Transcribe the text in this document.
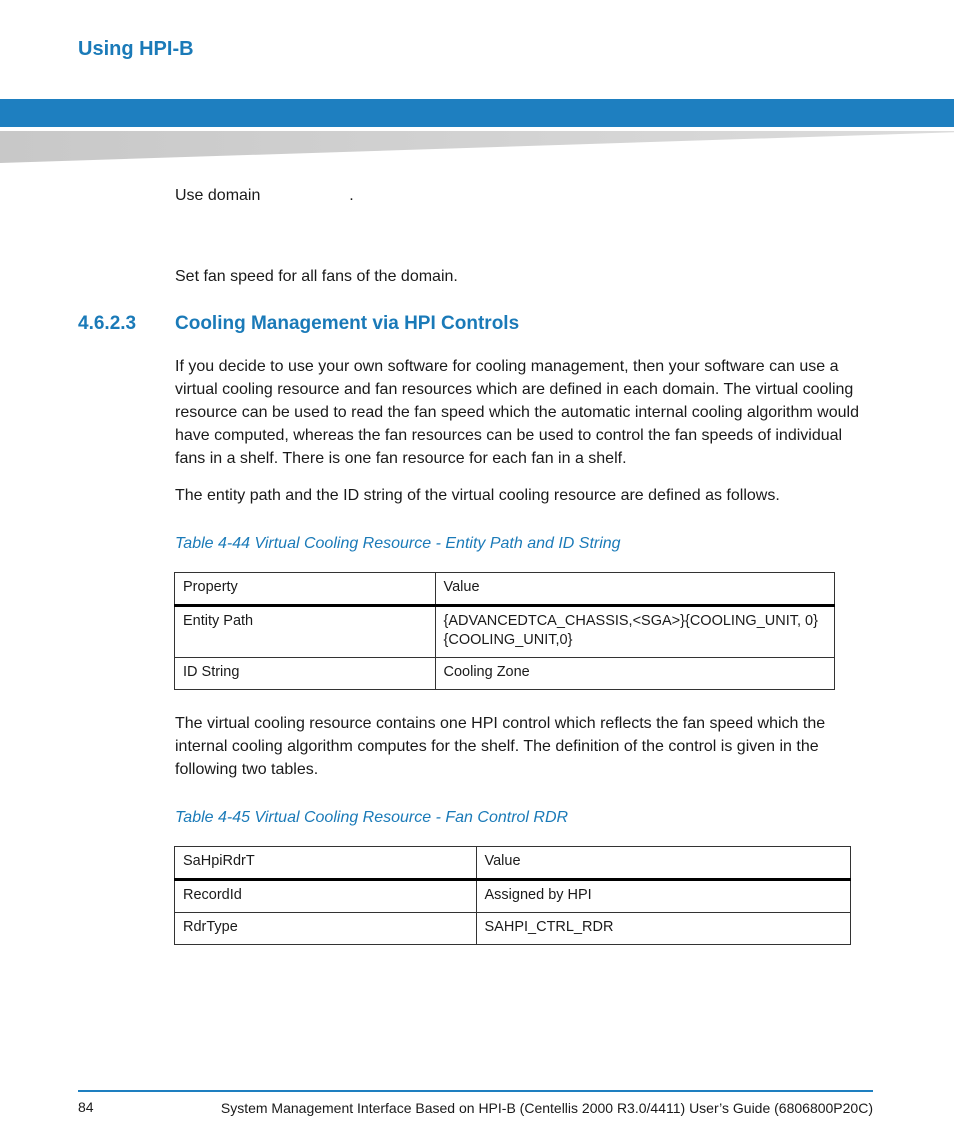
Using HPI-B
Use domain                    .
Set fan speed for all fans of the domain.
4.6.2.3 Cooling Management via HPI Controls
If you decide to use your own software for cooling management, then your software can use a virtual cooling resource and fan resources which are defined in each domain. The virtual cooling resource can be used to read the fan speed which the automatic internal cooling algorithm would have computed, whereas the fan resources can be used to control the fan speeds of individual fans in a shelf. There is one fan resource for each fan in a shelf.
The entity path and the ID string of the virtual cooling resource are defined as follows.
Table 4-44 Virtual Cooling Resource - Entity Path and ID String
Property	Value
Entity Path	{ADVANCEDTCA_CHASSIS,<SGA>}{COOLING_UNIT, 0}{COOLING_UNIT,0}
ID String	Cooling Zone
The virtual cooling resource contains one HPI control which reflects the fan speed which the internal cooling algorithm computes for the shelf. The definition of the control is given in the following two tables.
Table 4-45 Virtual Cooling Resource - Fan Control RDR
SaHpiRdrT	Value
RecordId	Assigned by HPI
RdrType	SAHPI_CTRL_RDR
84	System Management Interface Based on HPI-B (Centellis 2000 R3.0/4411) User’s Guide (6806800P20C)
